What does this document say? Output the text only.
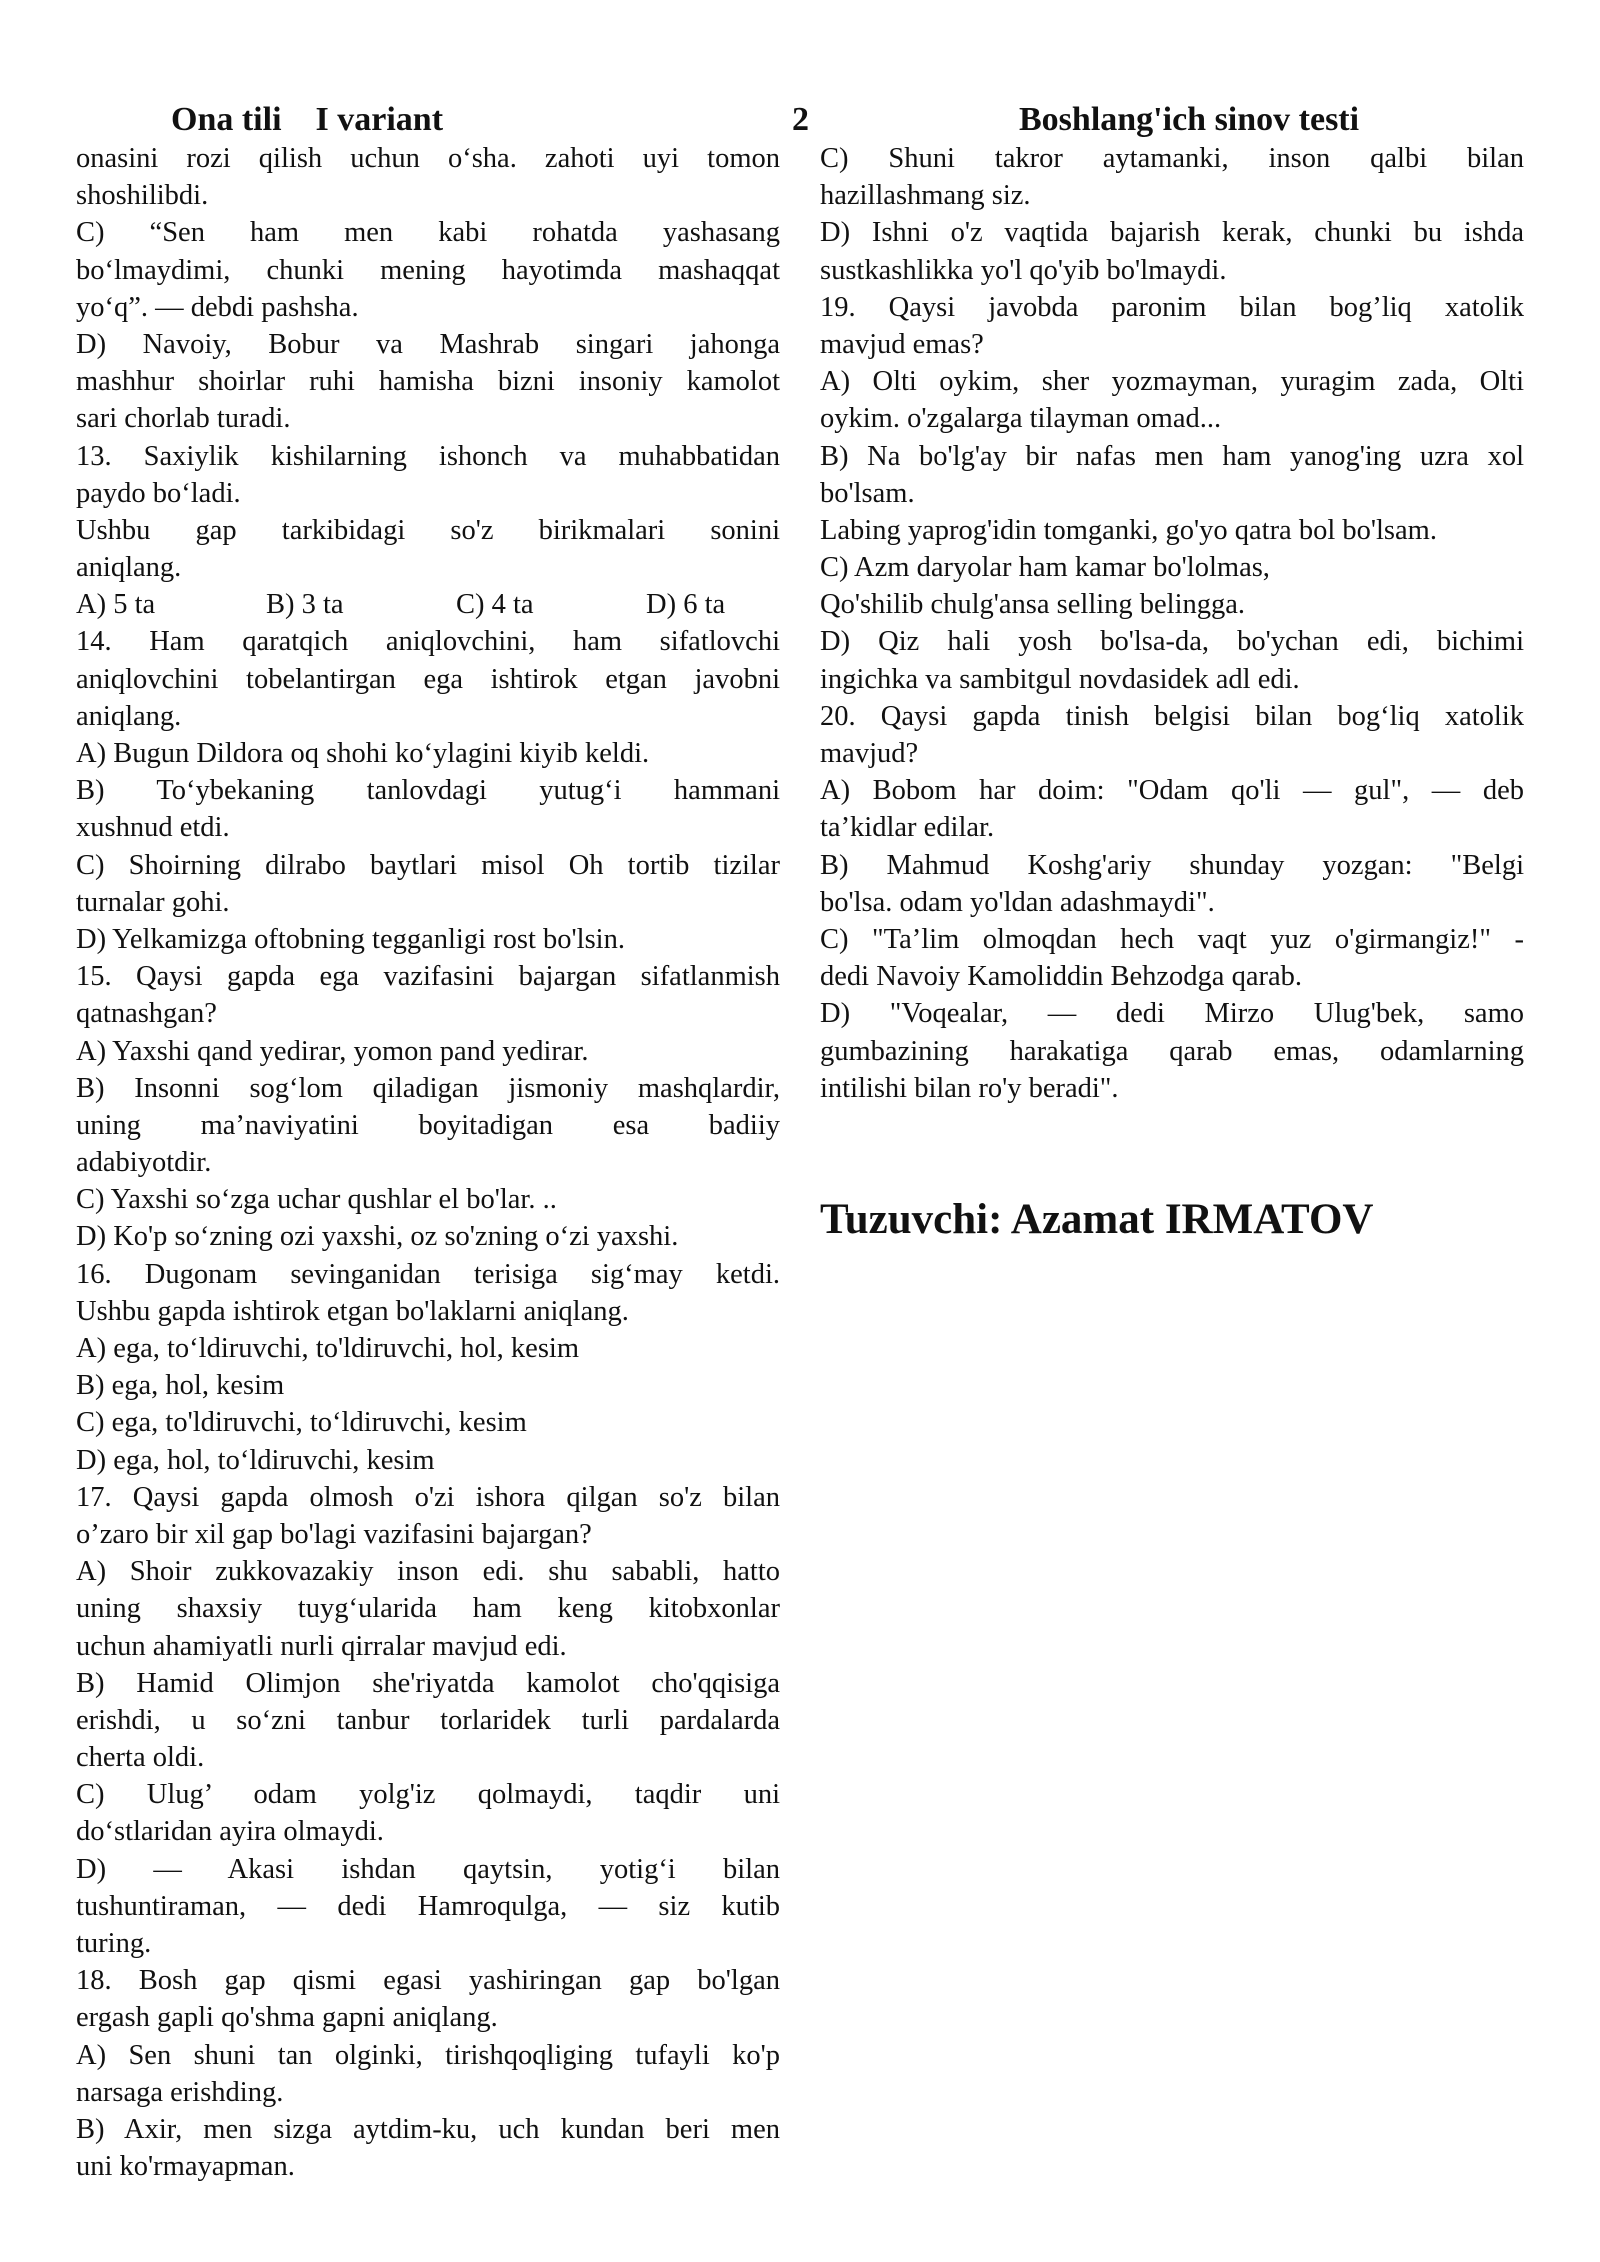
Ona tili    I variant	2	Boshlang'ich sinov testi
onasini rozi qilish uchun o‘sha. zahoti uyi tomon
shoshilibdi.
C) “Sen ham men kabi rohatda yashasang
bo‘lmaydimi, chunki mening hayotimda mashaqqat
yo‘q”. — debdi pashsha.
D) Navoiy, Bobur va Mashrab singari jahonga
mashhur shoirlar ruhi hamisha bizni insoniy kamolot
sari chorlab turadi.
13. Saxiylik kishilarning ishonch va muhabbatidan
paydo bo‘ladi.
Ushbu gap tarkibidagi so'z birikmalari sonini
aniqlang.
A) 5 ta	B) 3 ta	C) 4 ta	D) 6 ta
14. Ham qaratqich aniqlovchini, ham sifatlovchi
aniqlovchini tobelantirgan ega ishtirok etgan javobni
aniqlang.
A) Bugun Dildora oq shohi ko‘ylagini kiyib keldi.
B) To‘ybekaning tanlovdagi yutug‘i hammani
xushnud etdi.
C) Shoirning dilrabo baytlari misol Oh tortib tizilar
turnalar gohi.
D) Yelkamizga oftobning tegganligi rost bo'lsin.
15. Qaysi gapda ega vazifasini bajargan sifatlanmish
qatnashgan?
A) Yaxshi qand yedirar, yomon pand yedirar.
B) Insonni sog‘lom qiladigan jismoniy mashqlardir,
uning ma’naviyatini boyitadigan esa badiiy
adabiyotdir.
C) Yaxshi so‘zga uchar qushlar el bo'lar. ..
D) Ko'p so‘zning ozi yaxshi, oz so'zning o‘zi yaxshi.
16. Dugonam sevinganidan terisiga sig‘may ketdi.
Ushbu gapda ishtirok etgan bo'laklarni aniqlang.
A) ega, to‘ldiruvchi, to'ldiruvchi, hol, kesim
B) ega, hol, kesim
C) ega, to'ldiruvchi, to‘ldiruvchi, kesim
D) ega, hol, to‘ldiruvchi, kesim
17. Qaysi gapda olmosh o'zi ishora qilgan so'z bilan
o’zaro bir xil gap bo'lagi vazifasini bajargan?
A) Shoir zukkovazakiy inson edi. shu sababli, hatto
uning shaxsiy tuyg‘ularida ham keng kitobxonlar
uchun ahamiyatli nurli qirralar mavjud edi.
B) Hamid Olimjon she'riyatda kamolot cho'qqisiga
erishdi, u so‘zni tanbur torlaridek turli pardalarda
cherta oldi.
C) Ulug’ odam yolg'iz qolmaydi, taqdir uni
do‘stlaridan ayira olmaydi.
D) — Akasi ishdan qaytsin, yotig‘i bilan
tushuntiraman, — dedi Hamroqulga, — siz kutib
turing.
18. Bosh gap qismi egasi yashiringan gap bo'lgan
ergash gapli qo'shma gapni aniqlang.
A) Sen shuni tan olginki, tirishqoqliging tufayli ko'p
narsaga erishding.
B) Axir, men sizga aytdim-ku, uch kundan beri men
uni ko'rmayapman.
C) Shuni takror aytamanki, inson qalbi bilan
hazillashmang siz.
D) Ishni o'z vaqtida bajarish kerak, chunki bu ishda
sustkashlikka yo'l qo'yib bo'lmaydi.
19. Qaysi javobda paronim bilan bog’liq xatolik
mavjud emas?
A) Olti oykim, sher yozmayman, yuragim zada, Olti
oykim. o'zgalarga tilayman omad...
B) Na bo'lg'ay bir nafas men ham yanog'ing uzra xol
bo'lsam.
Labing yaprog'idin tomganki, go'yo qatra bol bo'lsam.
C) Azm daryolar ham kamar bo'lolmas,
Qo'shilib chulg'ansa selling belingga.
D) Qiz hali yosh bo'lsa-da, bo'ychan edi, bichimi
ingichka va sambitgul novdasidek adl edi.
20. Qaysi gapda tinish belgisi bilan bog‘liq xatolik
mavjud?
A) Bobom har doim: "Odam qo'li — gul", — deb
ta’kidlar edilar.
B) Mahmud Koshg'ariy shunday yozgan: "Belgi
bo'lsa. odam yo'ldan adashmaydi".
C) "Ta’lim olmoqdan hech vaqt yuz o'girmangiz!" -
dedi Navoiy Kamoliddin Behzodga qarab.
D) "Voqealar, — dedi Mirzo Ulug'bek, samo
gumbazining harakatiga qarab emas, odamlarning
intilishi bilan ro'y beradi".
Tuzuvchi: Azamat IRMATOV
